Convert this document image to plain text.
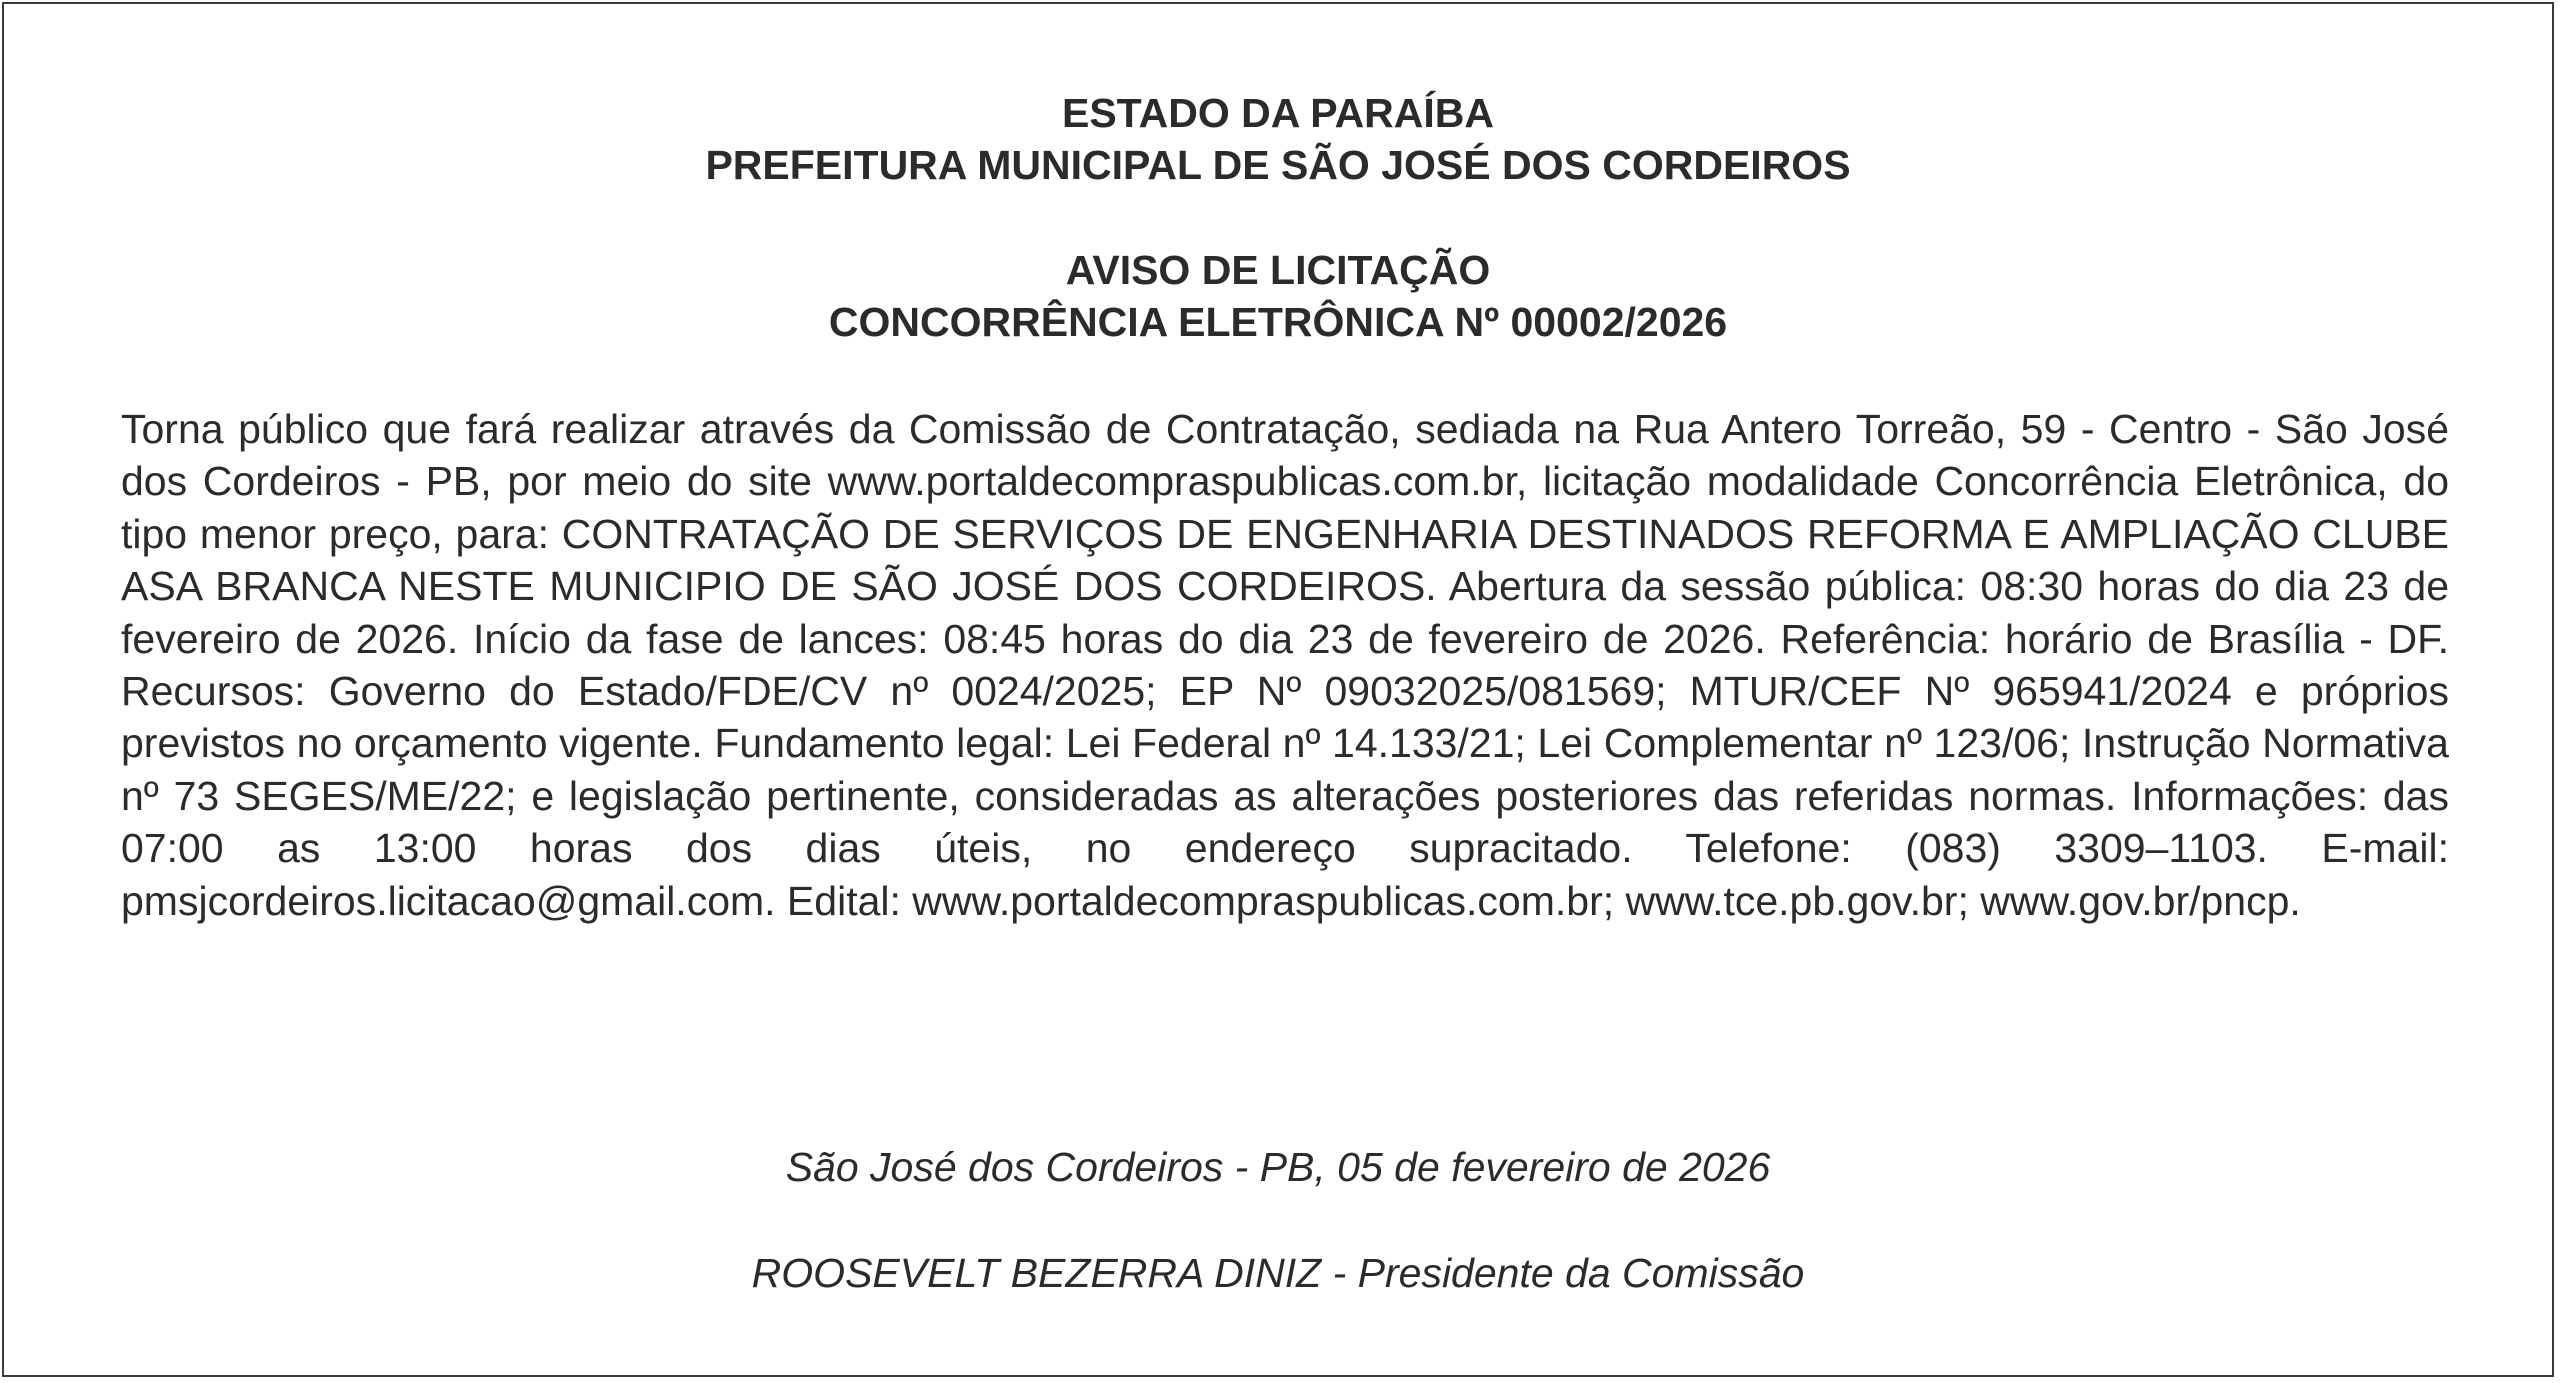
ESTADO DA PARAÍBA
PREFEITURA MUNICIPAL DE SÃO JOSÉ DOS CORDEIROS
AVISO DE LICITAÇÃO
CONCORRÊNCIA ELETRÔNICA Nº 00002/2026

Torna público que fará realizar através da Comissão de Contratação, sediada na Rua Antero Torreão, 59 - Centro - São José dos Cordeiros - PB, por meio do site www.portaldecompraspublicas.com.br, licitação modalidade Concorrência Eletrônica, do tipo menor preço, para: CONTRATAÇÃO DE SERVIÇOS DE ENGENHARIA DESTINADOS REFORMA E AMPLIAÇÃO CLUBE ASA BRANCA NESTE MUNICIPIO DE SÃO JOSÉ DOS CORDEIROS. Abertura da sessão pública: 08:30 horas do dia 23 de fevereiro de 2026. Início da fase de lances: 08:45 horas do dia 23 de fevereiro de 2026. Referência: horário de Brasília - DF. Recursos: Governo do Estado/FDE/CV nº 0024/2025; EP Nº 09032025/081569; MTUR/CEF Nº 965941/2024 e próprios previstos no orçamento vigente. Fundamento legal: Lei Federal nº 14.133/21; Lei Complementar nº 123/06; Instrução Normativa nº 73 SEGES/ME/22; e legislação pertinente, consideradas as alterações posteriores das referidas normas. Informações: das 07:00 as 13:00 horas dos dias úteis, no endereço supracitado. Telefone: (083) 3309–1103. E-mail: pmsjcordeiros.licitacao@gmail.com. Edital: www.portaldecompraspublicas.com.br; www.tce.pb.gov.br; www.gov.br/pncp.

São José dos Cordeiros - PB, 05 de fevereiro de 2026
ROOSEVELT BEZERRA DINIZ - Presidente da Comissão
